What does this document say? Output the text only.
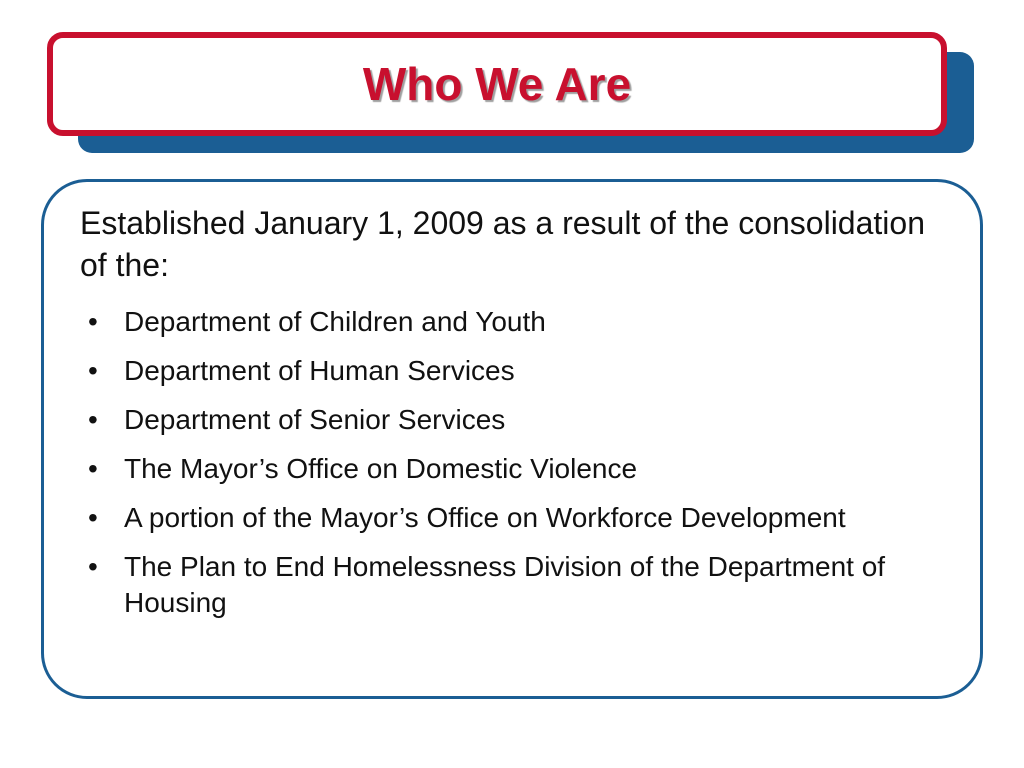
Who We Are
Established January 1, 2009 as a result of the consolidation of the:
• Department of Children and Youth
• Department of Human Services
• Department of Senior Services
• The Mayor’s Office on Domestic Violence
• A portion of the Mayor’s Office on Workforce Development
• The Plan to End Homelessness Division of the Department of Housing
